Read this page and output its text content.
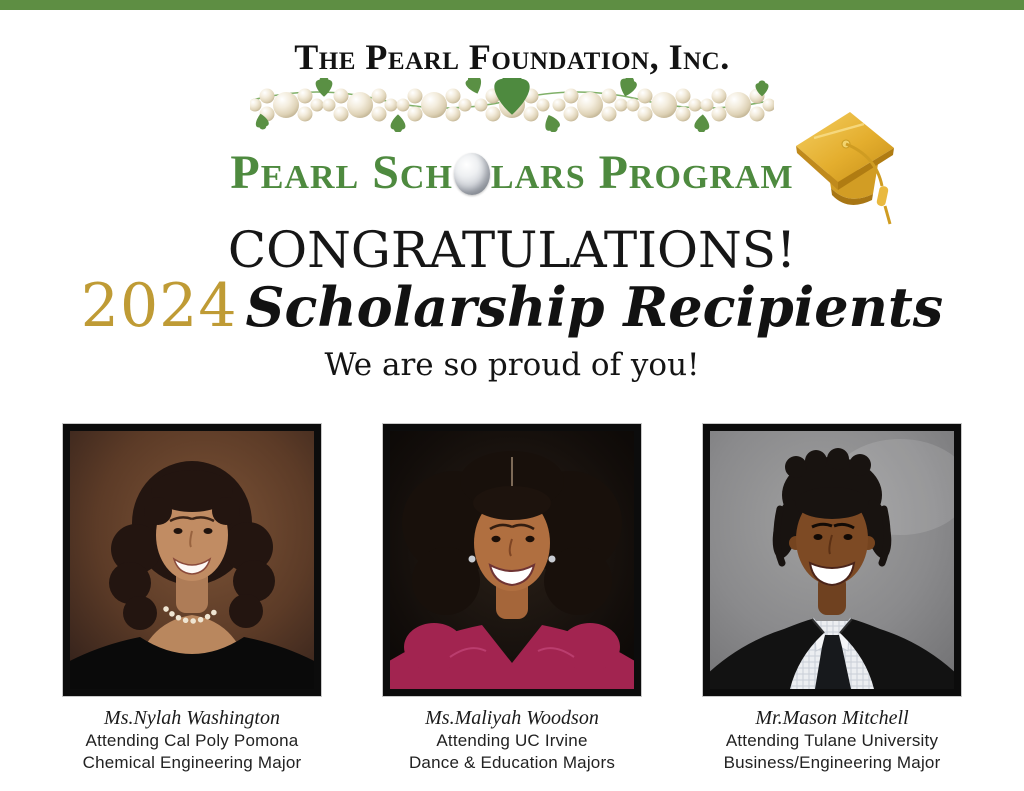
The Pearl Foundation, Inc.
Pearl Sch lars Program
CONGRATULATIONS!
2024 Scholarship Recipients
We are so proud of you!
Ms.Nylah Washington
Attending Cal Poly Pomona
Chemical Engineering Major
Ms.Maliyah Woodson
Attending UC Irvine
Dance & Education Majors
Mr.Mason Mitchell
Attending Tulane University
Business/Engineering Major
